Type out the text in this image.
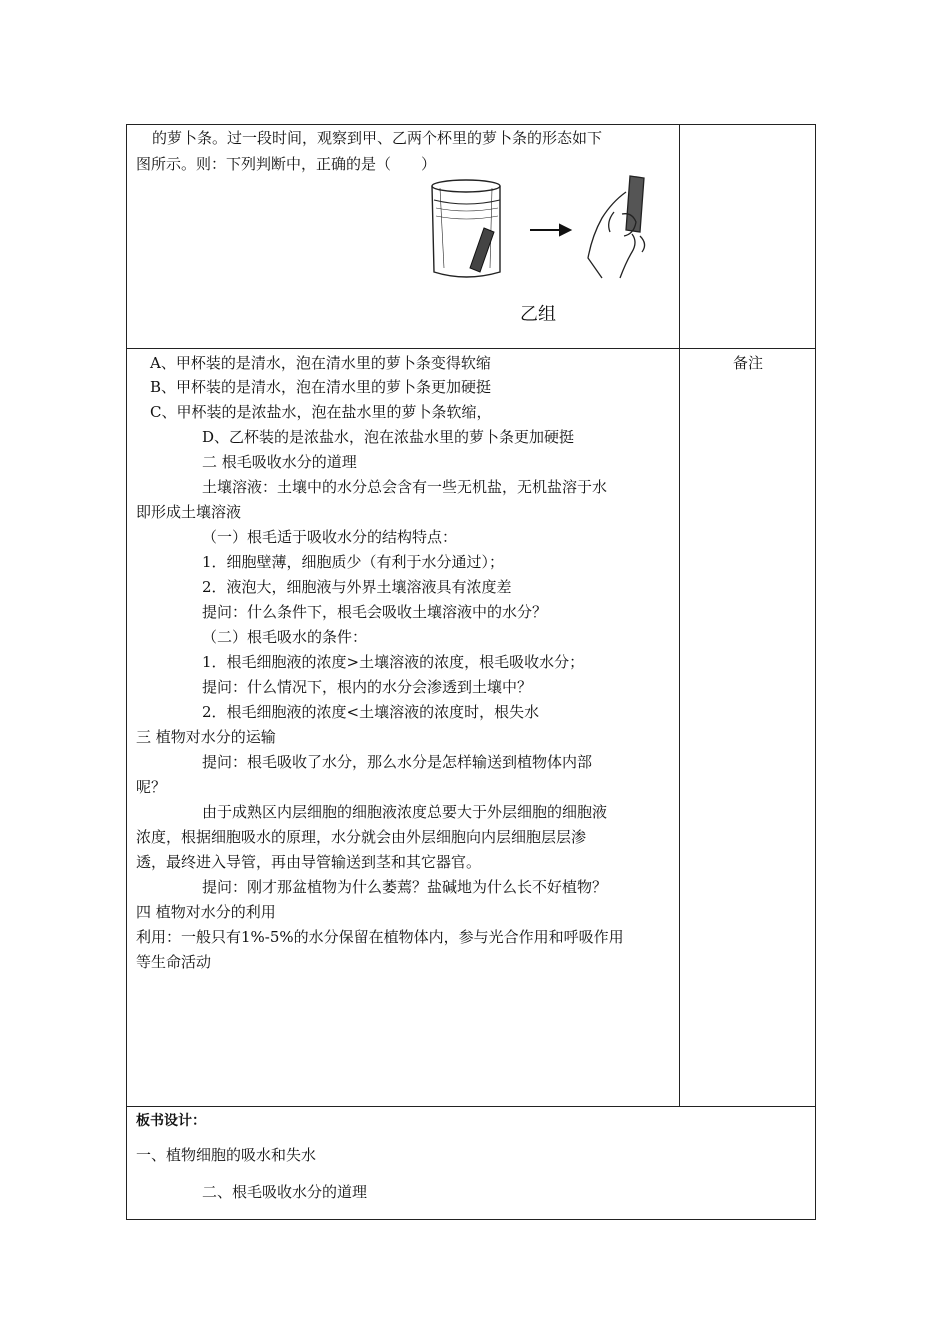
的萝卜条。过一段时间，观察到甲、乙两个杯里的萝卜条的形态如下
图所示。则：下列判断中，正确的是（　　）
乙组
备注
A、甲杯装的是清水，泡在清水里的萝卜条变得软缩
B、甲杯装的是清水，泡在清水里的萝卜条更加硬挺
C、甲杯装的是浓盐水，泡在盐水里的萝卜条软缩，
D、乙杯装的是浓盐水，泡在浓盐水里的萝卜条更加硬挺
二 根毛吸收水分的道理
土壤溶液：土壤中的水分总会含有一些无机盐，无机盐溶于水
即形成土壤溶液
（一）根毛适于吸收水分的结构特点：
1．细胞壁薄，细胞质少（有利于水分通过）；
2．液泡大，细胞液与外界土壤溶液具有浓度差
提问：什么条件下，根毛会吸收土壤溶液中的水分？
（二）根毛吸水的条件：
1．根毛细胞液的浓度>土壤溶液的浓度，根毛吸收水分；
提问：什么情况下，根内的水分会渗透到土壤中？
2．根毛细胞液的浓度<土壤溶液的浓度时，根失水
三 植物对水分的运输
提问：根毛吸收了水分，那么水分是怎样输送到植物体内部
呢？
由于成熟区内层细胞的细胞液浓度总要大于外层细胞的细胞液
浓度，根据细胞吸水的原理，水分就会由外层细胞向内层细胞层层渗
透，最终进入导管，再由导管输送到茎和其它器官。
提问：刚才那盆植物为什么萎蔫？盐碱地为什么长不好植物？
四 植物对水分的利用
利用：一般只有1%-5%的水分保留在植物体内，参与光合作用和呼吸作用
等生命活动
板书设计：
一、植物细胞的吸水和失水
二、根毛吸收水分的道理
